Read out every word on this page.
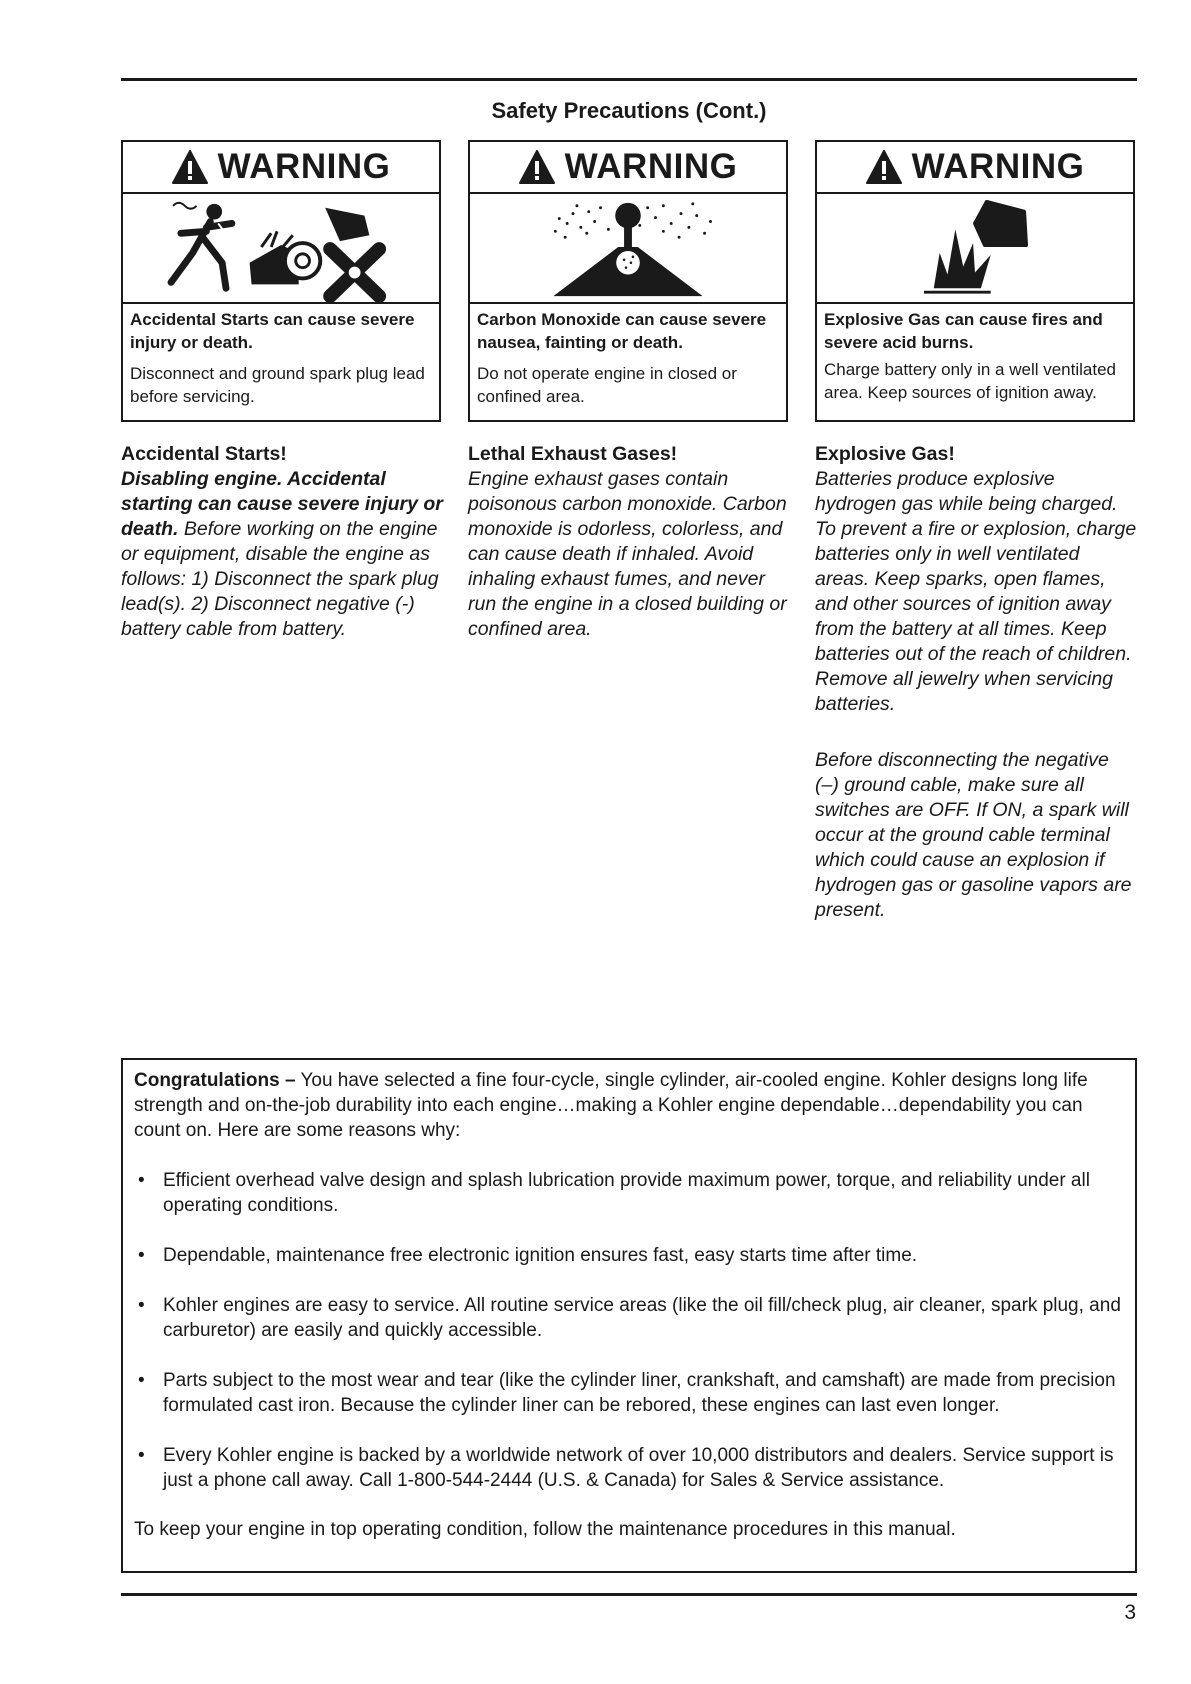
Safety Precautions (Cont.)
WARNING
Accidental Starts can cause severe injury or death.
Disconnect and ground spark plug lead before servicing.
WARNING
Carbon Monoxide can cause severe nausea, fainting or death.
Do not operate engine in closed or confined area.
WARNING
Explosive Gas can cause fires and severe acid burns.
Charge battery only in a well ventilated area. Keep sources of ignition away.
Accidental Starts!
Disabling engine. Accidental starting can cause severe injury or death. Before working on the engine or equipment, disable the engine as follows: 1) Disconnect the spark plug lead(s). 2) Disconnect negative (-) battery cable from battery.
Lethal Exhaust Gases!
Engine exhaust gases contain poisonous carbon monoxide. Carbon monoxide is odorless, colorless, and can cause death if inhaled. Avoid inhaling exhaust fumes, and never run the engine in a closed building or confined area.
Explosive Gas!
Batteries produce explosive hydrogen gas while being charged. To prevent a fire or explosion, charge batteries only in well ventilated areas. Keep sparks, open flames, and other sources of ignition away from the battery at all times. Keep batteries out of the reach of children. Remove all jewelry when servicing batteries.
Before disconnecting the negative (–) ground cable, make sure all switches are OFF. If ON, a spark will occur at the ground cable terminal which could cause an explosion if hydrogen gas or gasoline vapors are present.
Congratulations – You have selected a fine four-cycle, single cylinder, air-cooled engine. Kohler designs long life strength and on-the-job durability into each engine…making a Kohler engine dependable…dependability you can count on. Here are some reasons why:
• Efficient overhead valve design and splash lubrication provide maximum power, torque, and reliability under all operating conditions.
• Dependable, maintenance free electronic ignition ensures fast, easy starts time after time.
• Kohler engines are easy to service. All routine service areas (like the oil fill/check plug, air cleaner, spark plug, and carburetor) are easily and quickly accessible.
• Parts subject to the most wear and tear (like the cylinder liner, crankshaft, and camshaft) are made from precision formulated cast iron. Because the cylinder liner can be rebored, these engines can last even longer.
• Every Kohler engine is backed by a worldwide network of over 10,000 distributors and dealers. Service support is just a phone call away. Call 1-800-544-2444 (U.S. & Canada) for Sales & Service assistance.
To keep your engine in top operating condition, follow the maintenance procedures in this manual.
3
